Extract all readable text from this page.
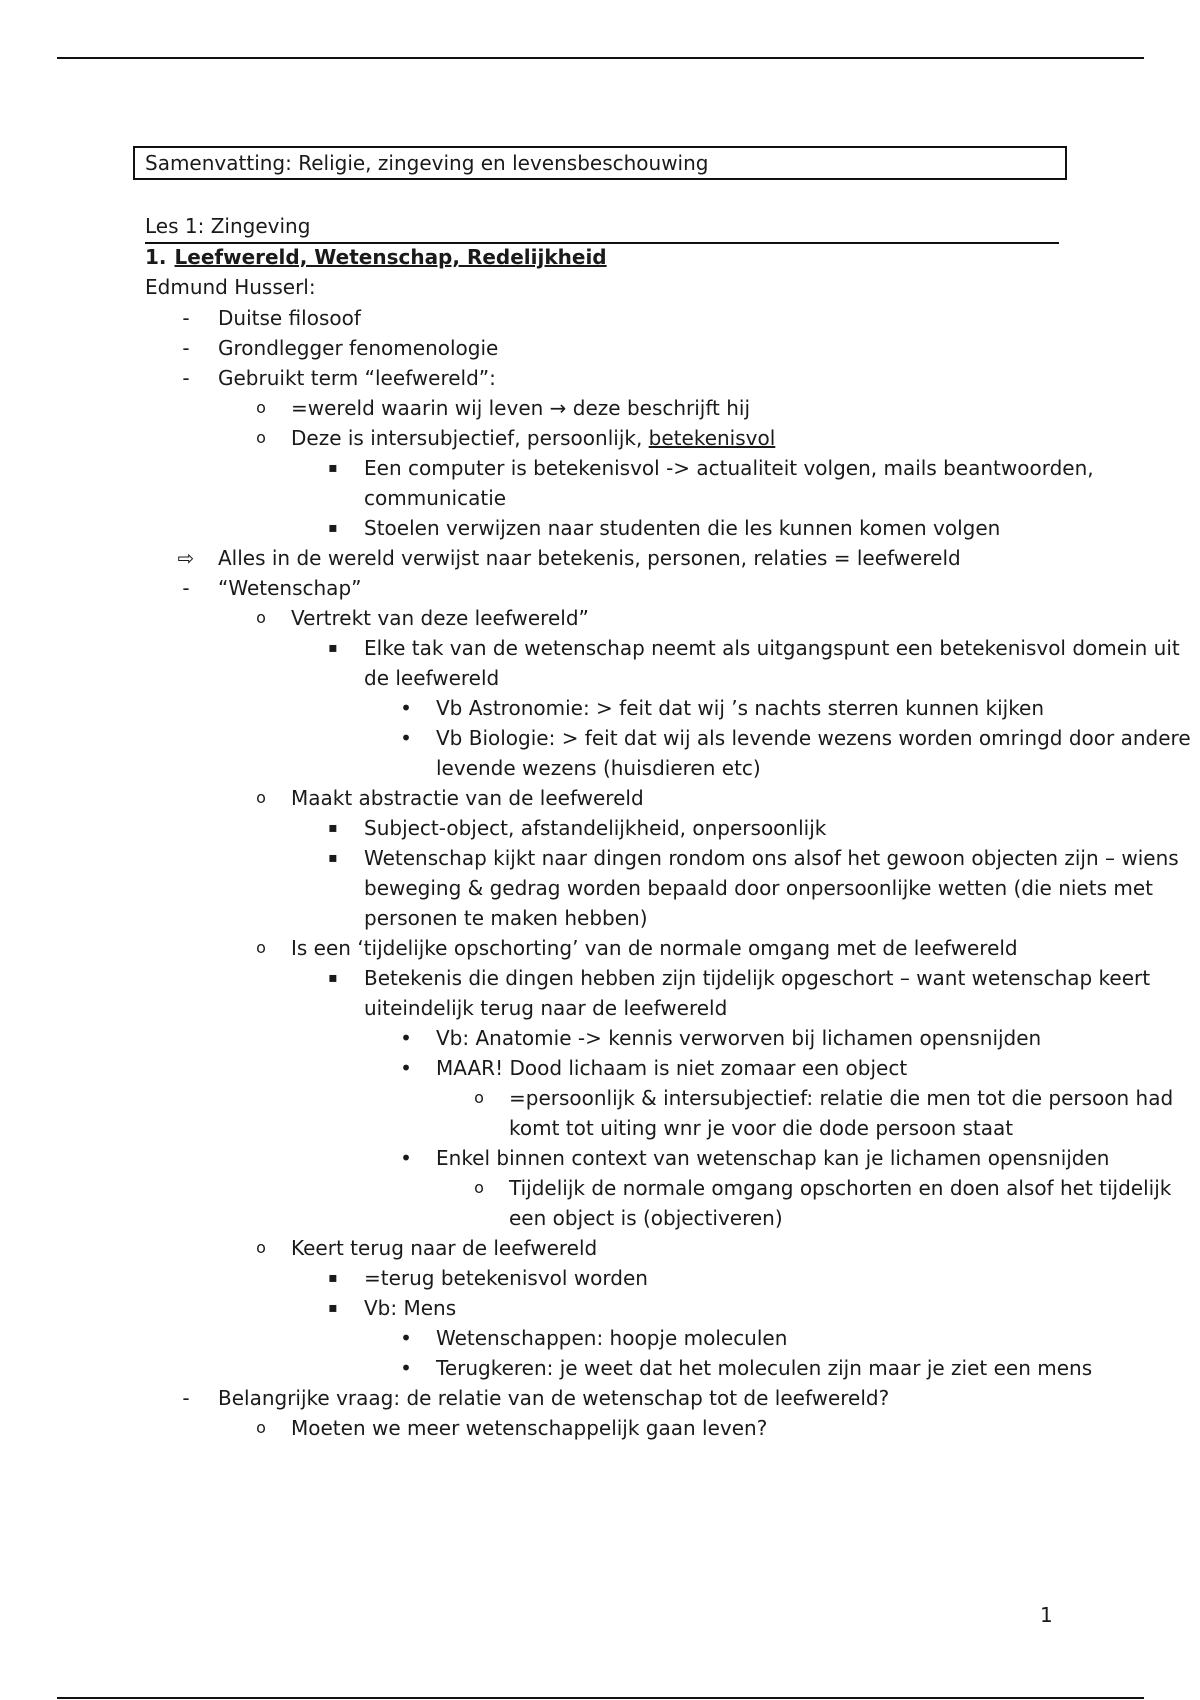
Samenvatting: Religie, zingeving en levensbeschouwing
Les 1: Zingeving
1. Leefwereld, Wetenschap, Redelijkheid
Edmund Husserl:
-	Duitse filosoof
-	Grondlegger fenomenologie
-	Gebruikt term “leefwereld”:
o =wereld waarin wij leven → deze beschrijft hij
o Deze is intersubjectief, persoonlijk, betekenisvol
▪ Een computer is betekenisvol -> actualiteit volgen, mails beantwoorden, communicatie
▪ Stoelen verwijzen naar studenten die les kunnen komen volgen
⇨ Alles in de wereld verwijst naar betekenis, personen, relaties = leefwereld
-	“Wetenschap”
o Vertrekt van deze leefwereld”
▪ Elke tak van de wetenschap neemt als uitgangspunt een betekenisvol domein uit de leefwereld
• Vb Astronomie: > feit dat wij ’s nachts sterren kunnen kijken
• Vb Biologie: > feit dat wij als levende wezens worden omringd door andere levende wezens (huisdieren etc)
o Maakt abstractie van de leefwereld
▪ Subject-object, afstandelijkheid, onpersoonlijk
▪ Wetenschap kijkt naar dingen rondom ons alsof het gewoon objecten zijn – wiens beweging & gedrag worden bepaald door onpersoonlijke wetten (die niets met personen te maken hebben)
o Is een ‘tijdelijke opschorting’ van de normale omgang met de leefwereld
▪ Betekenis die dingen hebben zijn tijdelijk opgeschort – want wetenschap keert uiteindelijk terug naar de leefwereld
• Vb: Anatomie -> kennis verworven bij lichamen opensnijden
• MAAR! Dood lichaam is niet zomaar een object
o =persoonlijk & intersubjectief: relatie die men tot die persoon had komt tot uiting wnr je voor die dode persoon staat
• Enkel binnen context van wetenschap kan je lichamen opensnijden
o Tijdelijk de normale omgang opschorten en doen alsof het tijdelijk een object is (objectiveren)
o Keert terug naar de leefwereld
▪ =terug betekenisvol worden
▪ Vb: Mens
• Wetenschappen: hoopje moleculen
• Terugkeren: je weet dat het moleculen zijn maar je ziet een mens
-	Belangrijke vraag: de relatie van de wetenschap tot de leefwereld?
o Moeten we meer wetenschappelijk gaan leven?
1
